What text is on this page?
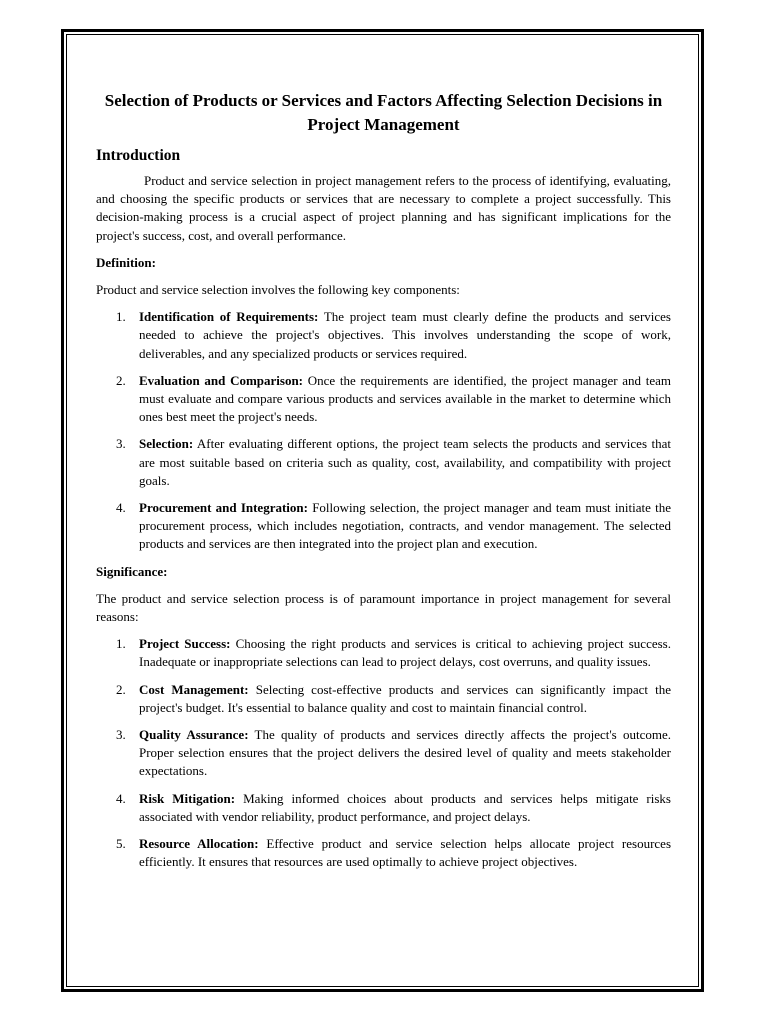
Selection of Products or Services and Factors Affecting Selection Decisions in Project Management
Introduction
Product and service selection in project management refers to the process of identifying, evaluating, and choosing the specific products or services that are necessary to complete a project successfully. This decision-making process is a crucial aspect of project planning and has significant implications for the project's success, cost, and overall performance.
Definition:
Product and service selection involves the following key components:
1. Identification of Requirements: The project team must clearly define the products and services needed to achieve the project's objectives. This involves understanding the scope of work, deliverables, and any specialized products or services required.
2. Evaluation and Comparison: Once the requirements are identified, the project manager and team must evaluate and compare various products and services available in the market to determine which ones best meet the project's needs.
3. Selection: After evaluating different options, the project team selects the products and services that are most suitable based on criteria such as quality, cost, availability, and compatibility with project goals.
4. Procurement and Integration: Following selection, the project manager and team must initiate the procurement process, which includes negotiation, contracts, and vendor management. The selected products and services are then integrated into the project plan and execution.
Significance:
The product and service selection process is of paramount importance in project management for several reasons:
1. Project Success: Choosing the right products and services is critical to achieving project success. Inadequate or inappropriate selections can lead to project delays, cost overruns, and quality issues.
2. Cost Management: Selecting cost-effective products and services can significantly impact the project's budget. It's essential to balance quality and cost to maintain financial control.
3. Quality Assurance: The quality of products and services directly affects the project's outcome. Proper selection ensures that the project delivers the desired level of quality and meets stakeholder expectations.
4. Risk Mitigation: Making informed choices about products and services helps mitigate risks associated with vendor reliability, product performance, and project delays.
5. Resource Allocation: Effective product and service selection helps allocate project resources efficiently. It ensures that resources are used optimally to achieve project objectives.
